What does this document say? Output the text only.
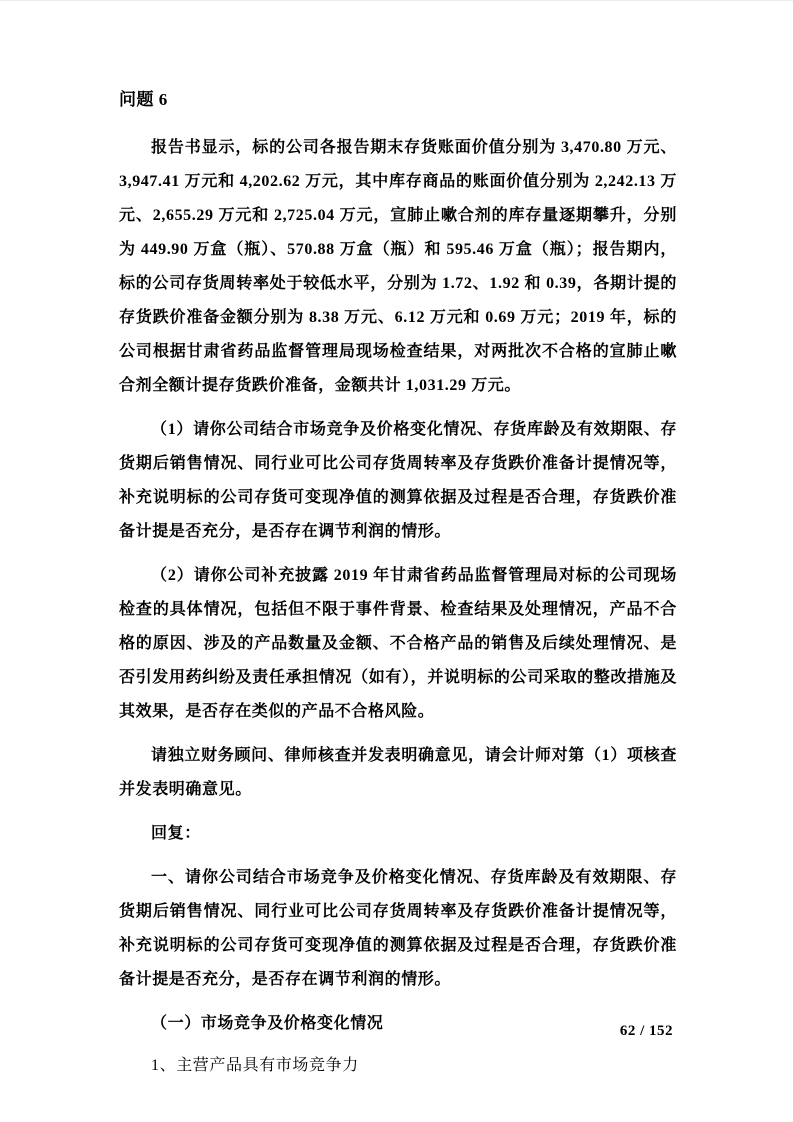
问题 6

报告书显示，标的公司各报告期末存货账面价值分别为 3,470.80 万元、3,947.41 万元和 4,202.62 万元，其中库存商品的账面价值分别为 2,242.13 万元、2,655.29 万元和 2,725.04 万元，宣肺止嗽合剂的库存量逐期攀升，分别为 449.90 万盒（瓶）、570.88 万盒（瓶）和 595.46 万盒（瓶）；报告期内，标的公司存货周转率处于较低水平，分别为 1.72、1.92 和 0.39，各期计提的存货跌价准备金额分别为 8.38 万元、6.12 万元和 0.69 万元；2019 年，标的公司根据甘肃省药品监督管理局现场检查结果，对两批次不合格的宣肺止嗽合剂全额计提存货跌价准备，金额共计 1,031.29 万元。

（1）请你公司结合市场竞争及价格变化情况、存货库龄及有效期限、存货期后销售情况、同行业可比公司存货周转率及存货跌价准备计提情况等，补充说明标的公司存货可变现净值的测算依据及过程是否合理，存货跌价准备计提是否充分，是否存在调节利润的情形。

（2）请你公司补充披露 2019 年甘肃省药品监督管理局对标的公司现场检查的具体情况，包括但不限于事件背景、检查结果及处理情况，产品不合格的原因、涉及的产品数量及金额、不合格产品的销售及后续处理情况、是否引发用药纠纷及责任承担情况（如有），并说明标的公司采取的整改措施及其效果，是否存在类似的产品不合格风险。

请独立财务顾问、律师核查并发表明确意见，请会计师对第（1）项核查并发表明确意见。

回复：

一、请你公司结合市场竞争及价格变化情况、存货库龄及有效期限、存货期后销售情况、同行业可比公司存货周转率及存货跌价准备计提情况等，补充说明标的公司存货可变现净值的测算依据及过程是否合理，存货跌价准备计提是否充分，是否存在调节利润的情形。

（一）市场竞争及价格变化情况

1、主营产品具有市场竞争力

62 / 152
